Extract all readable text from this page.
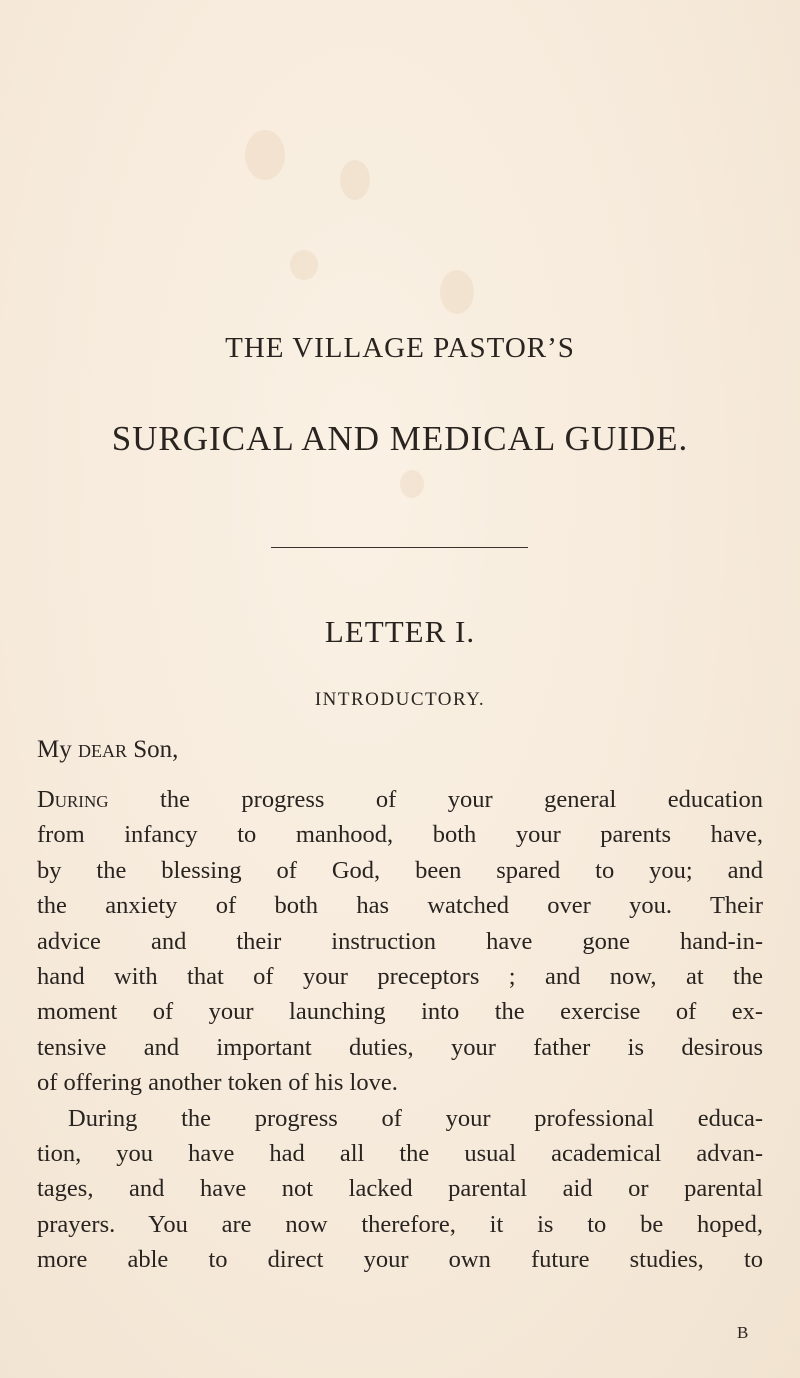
THE VILLAGE PASTOR’S
SURGICAL AND MEDICAL GUIDE.
LETTER I.
INTRODUCTORY.
My dear Son,
During the progress of your general education
from infancy to manhood, both your parents have,
by the blessing of God, been spared to you; and
the anxiety of both has watched over you. Their
advice and their instruction have gone hand-in-
hand with that of your preceptors ; and now, at the
moment of your launching into the exercise of ex-
tensive and important duties, your father is desirous
of offering another token of his love.
During the progress of your professional educa-
tion, you have had all the usual academical advan-
tages, and have not lacked parental aid or parental
prayers. You are now therefore, it is to be hoped,
more able to direct your own future studies, to
B
